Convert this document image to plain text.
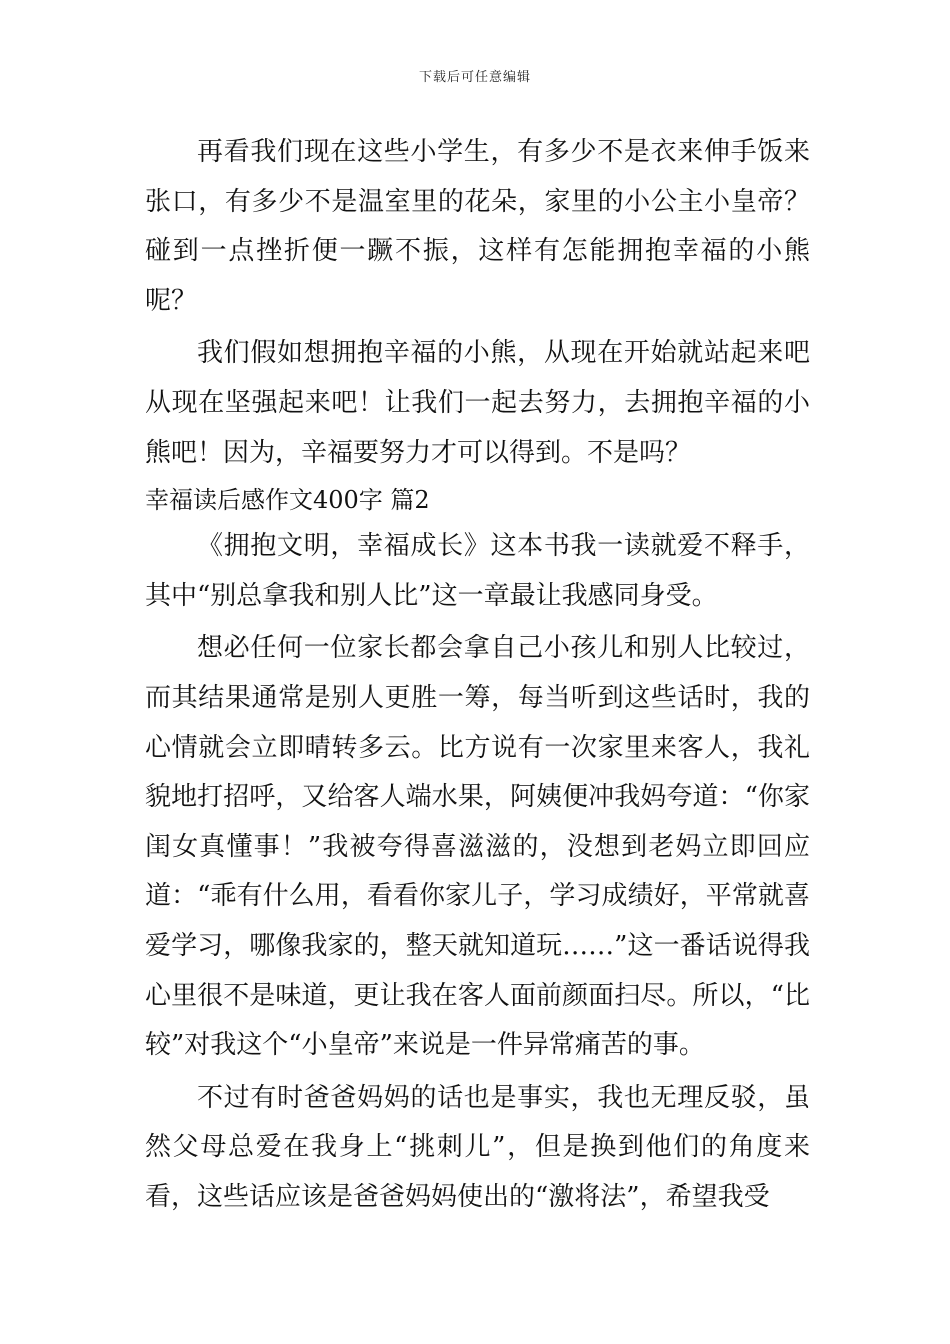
下载后可任意编辑

再看我们现在这些小学生，有多少不是衣来伸手饭来张口，有多少不是温室里的花朵，家里的小公主小皇帝？碰到一点挫折便一蹶不振，这样有怎能拥抱幸福的小熊呢？

我们假如想拥抱辛福的小熊，从现在开始就站起来吧从现在坚强起来吧！让我们一起去努力，去拥抱辛福的小熊吧！因为，辛福要努力才可以得到。不是吗？

幸福读后感作文400字 篇2

《拥抱文明，幸福成长》这本书我一读就爱不释手，其中“别总拿我和别人比”这一章最让我感同身受。

想必任何一位家长都会拿自己小孩儿和别人比较过，而其结果通常是别人更胜一筹，每当听到这些话时，我的心情就会立即晴转多云。比方说有一次家里来客人，我礼貌地打招呼，又给客人端水果，阿姨便冲我妈夸道：“你家闺女真懂事！”我被夸得喜滋滋的，没想到老妈立即回应道：“乖有什么用，看看你家儿子，学习成绩好，平常就喜爱学习，哪像我家的，整天就知道玩……”这一番话说得我心里很不是味道，更让我在客人面前颜面扫尽。所以，“比较”对我这个“小皇帝”来说是一件异常痛苦的事。

不过有时爸爸妈妈的话也是事实，我也无理反驳，虽然父母总爱在我身上“挑刺儿”，但是换到他们的角度来看，这些话应该是爸爸妈妈使出的“激将法”，希望我受
